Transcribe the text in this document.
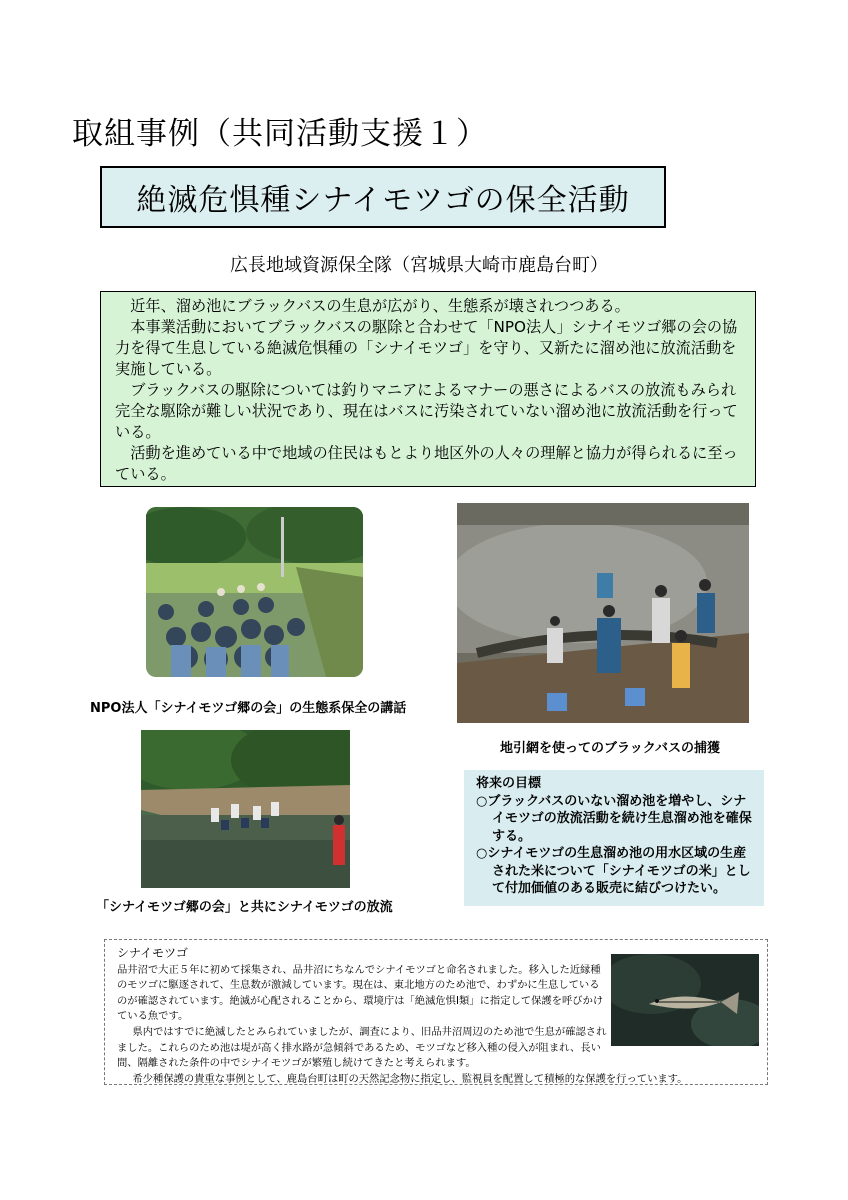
取組事例（共同活動支援１）
絶滅危惧種シナイモツゴの保全活動
広長地域資源保全隊（宮城県大崎市鹿島台町）

近年、溜め池にブラックバスの生息が広がり、生態系が壊されつつある。

本事業活動においてブラックバスの駆除と合わせて「NPO法人」シナイモツゴ郷の会の協力を得て生息している絶滅危惧種の「シナイモツゴ」を守り、又新たに溜め池に放流活動を実施している。

ブラックバスの駆除については釣りマニアによるマナーの悪さによるバスの放流もみられ完全な駆除が難しい状況であり、現在はバスに汚染されていない溜め池に放流活動を行っている。

活動を進めている中で地域の住民はもとより地区外の人々の理解と協力が得られるに至っている。

NPO法人「シナイモツゴ郷の会」の生態系保全の講話
地引網を使ってのブラックバスの捕獲
「シナイモツゴ郷の会」と共にシナイモツゴの放流
将来の目標
○ブラックバスのいない溜め池を増やし、シナイモツゴの放流活動を続け生息溜め池を確保する。
○シナイモツゴの生息溜め池の用水区域の生産された米について「シナイモツゴの米」として付加価値のある販売に結びつけたい。
シナイモツゴ

品井沼で大正５年に初めて採集され、品井沼にちなんでシナイモツゴと命名されました。移入した近縁種のモツゴに駆逐されて、生息数が激減しています。現在は、東北地方のため池で、わずかに生息しているのが確認されています。絶滅が心配されることから、環境庁は「絶滅危惧Ⅰ類」に指定して保護を呼びかけている魚です。

県内ではすでに絶滅したとみられていましたが、調査により、旧品井沼周辺のため池で生息が確認されました。これらのため池は堤が高く排水路が急傾斜であるため、モツゴなど移入種の侵入が阻まれ、長い間、隔離された条件の中でシナイモツゴが繁殖し続けてきたと考えられます。

希少種保護の貴重な事例として、鹿島台町は町の天然記念物に指定し、監視員を配置して積極的な保護を行っています。
